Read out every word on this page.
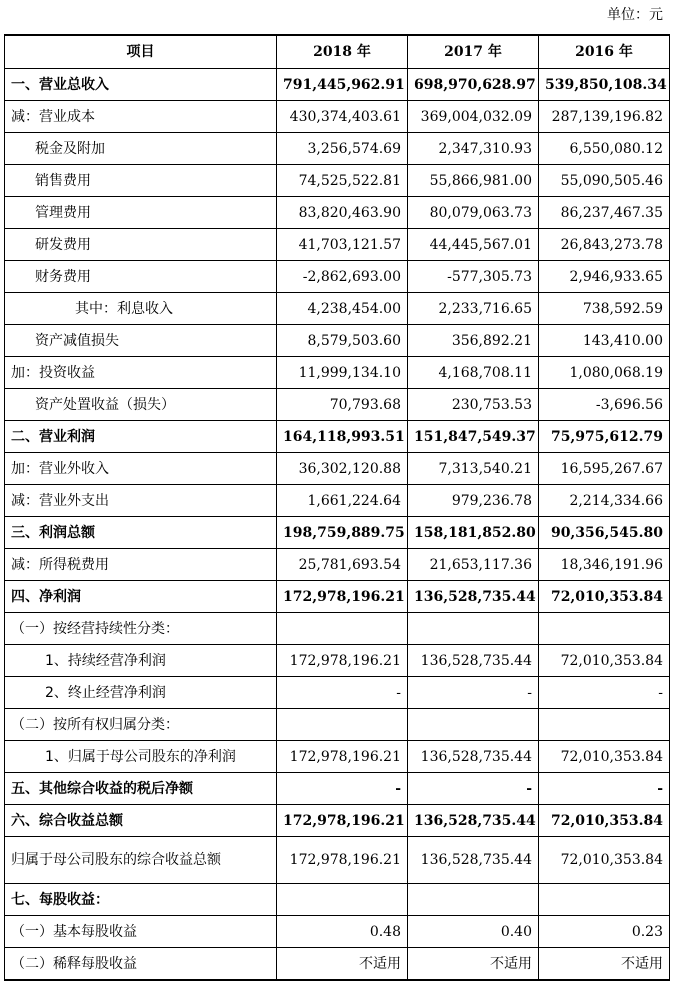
单位：元
项目	2018 年	2017 年	2016 年
一、营业总收入	791,445,962.91	698,970,628.97	539,850,108.34
减：营业成本	430,374,403.61	369,004,032.09	287,139,196.82
税金及附加	3,256,574.69	2,347,310.93	6,550,080.12
销售费用	74,525,522.81	55,866,981.00	55,090,505.46
管理费用	83,820,463.90	80,079,063.73	86,237,467.35
研发费用	41,703,121.57	44,445,567.01	26,843,273.78
财务费用	-2,862,693.00	-577,305.73	2,946,933.65
其中：利息收入	4,238,454.00	2,233,716.65	738,592.59
资产减值损失	8,579,503.60	356,892.21	143,410.00
加：投资收益	11,999,134.10	4,168,708.11	1,080,068.19
资产处置收益（损失）	70,793.68	230,753.53	-3,696.56
二、营业利润	164,118,993.51	151,847,549.37	75,975,612.79
加：营业外收入	36,302,120.88	7,313,540.21	16,595,267.67
减：营业外支出	1,661,224.64	979,236.78	2,214,334.66
三、利润总额	198,759,889.75	158,181,852.80	90,356,545.80
减：所得税费用	25,781,693.54	21,653,117.36	18,346,191.96
四、净利润	172,978,196.21	136,528,735.44	72,010,353.84
（一）按经营持续性分类：			
1、持续经营净利润	172,978,196.21	136,528,735.44	72,010,353.84
2、终止经营净利润	-	-	-
（二）按所有权归属分类：			
1、归属于母公司股东的净利润	172,978,196.21	136,528,735.44	72,010,353.84
五、其他综合收益的税后净额	-	-	-
六、综合收益总额	172,978,196.21	136,528,735.44	72,010,353.84
归属于母公司股东的综合收益总额	172,978,196.21	136,528,735.44	72,010,353.84
七、每股收益：			
（一）基本每股收益	0.48	0.40	0.23
（二）稀释每股收益	不适用	不适用	不适用
